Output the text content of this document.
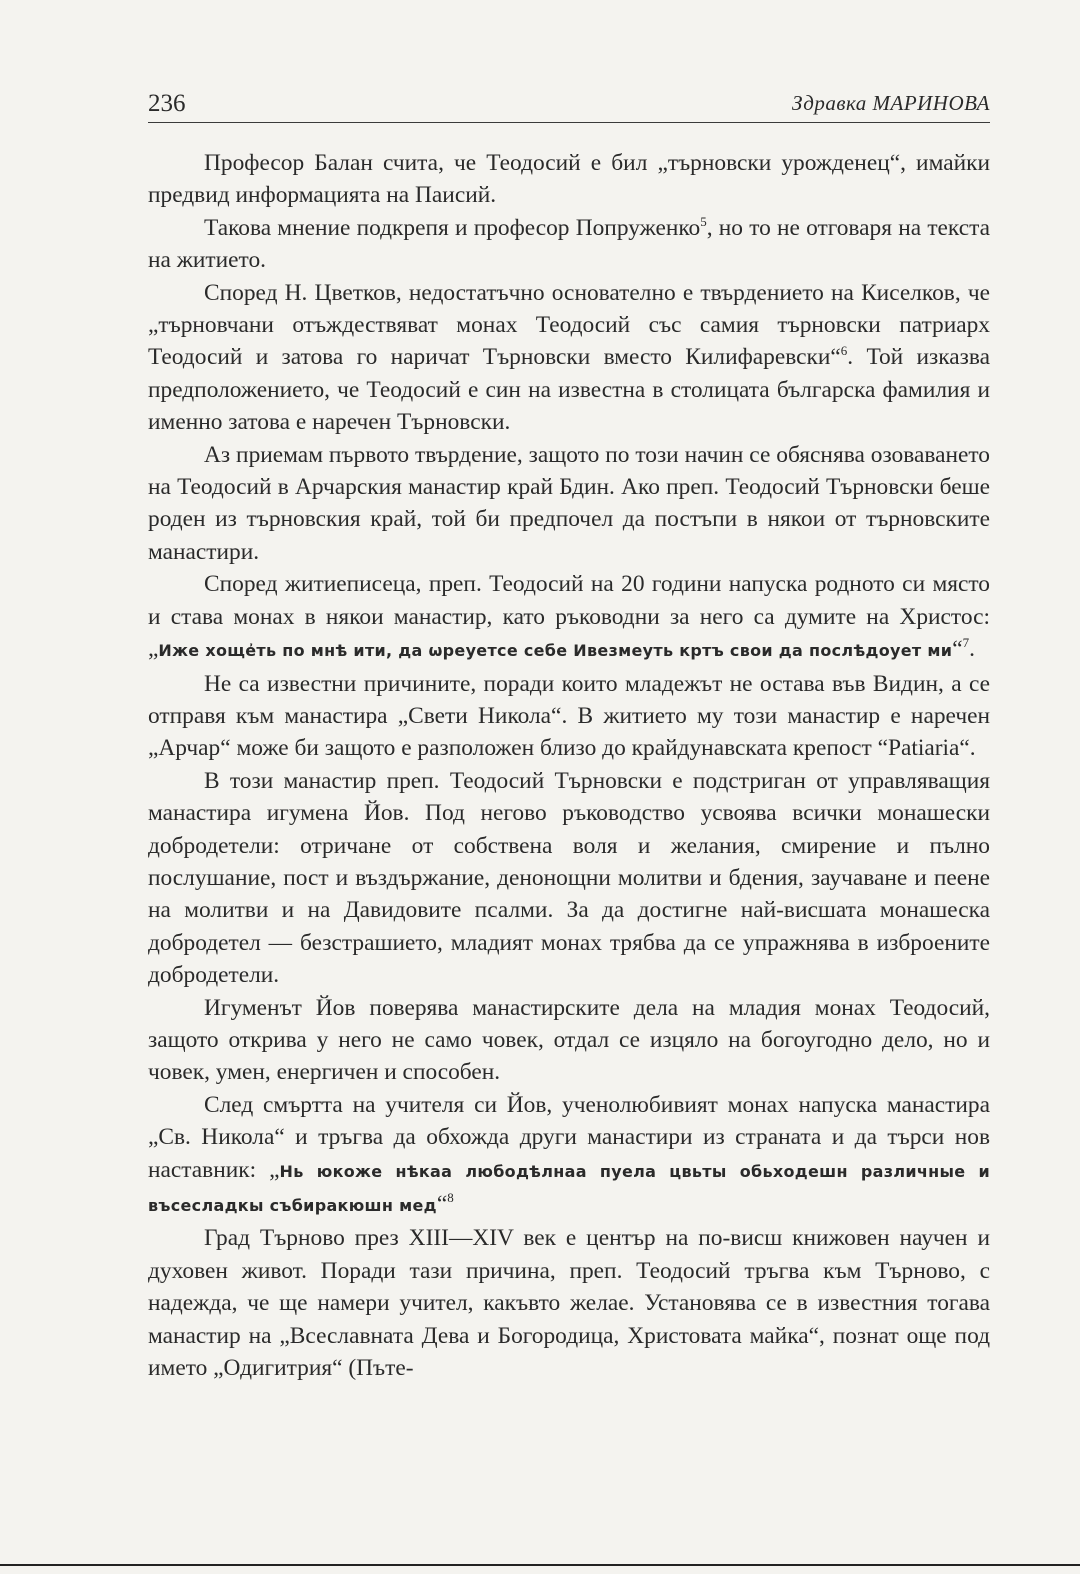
236	Здравка МАРИНОВА

Професор Балан счита, че Теодосий е бил „търновски урожденец“, имайки предвид информацията на Паисий.

Такова мнение подкрепя и професор Попруженко$^5$, но то не отговаря на текста на житието.

Според Н. Цветков, недостатъчно основателно е твърдението на Киселков, че „търновчани отъждествяват монах Теодосий със самия търновски патриарх Теодосий и затова го наричат Търновски вместо Килифаревски“$^6$. Той изказва предположението, че Теодосий е син на известна в столицата българска фамилия и именно затова е наречен Търновски.

Аз приемам първото твърдение, защото по този начин се обяснява озоваването на Теодосий в Арчарския манастир край Бдин. Ако преп. Теодосий Търновски беше роден из търновския край, той би предпочел да постъпи в някои от търновските манастири.

Според житиеписеца, преп. Теодосий на 20 години напуска родното си място и става монах в някои манастир, като ръководни за него са думите на Христос: „Иже хоще҆ть по мнѣ ити, да ѡреуетсе себе Ивезмеуть кртъ свои да послѣдоует ми“$^7$.

Не са известни причините, поради които младежът не остава във Видин, а се отправя към манастира „Свети Никола“. В житието му този манастир е наречен „Арчар“ може би защото е разположен близо до крайдунавската крепост “Patiaria“.

В този манастир преп. Теодосий Търновски е подстриган от управляващия манастира игумена Йов. Под негово ръководство усвоява всички монашески добродетели: отричане от собствена воля и желания, смирение и пълно послушание, пост и въздържание, денонощни молитви и бдения, заучаване и пеене на молитви и на Давидовите псалми. За да достигне най-висшата монашеска добродетел — безстрашието, младият монах трябва да се упражнява в изброените добродетели.

Игуменът Йов поверява манастирските дела на младия монах Теодосий, защото открива у него не само човек, отдал се изцяло на богоугодно дело, но и човек, умен, енергичен и способен.

След смъртта на учителя си Йов, ученолюбивият монах напуска манастира „Св. Никола“ и тръгва да обхожда други манастири из страната и да търси нов наставник: „Нь юкоже нѣкаа любодѣлнаа пуела цвьты обьходешн различные и въсесладкы събиракюшн мед“$^8$

Град Търново през XIII—XIV век е център на по-висш книжовен научен и духовен живот. Поради тази причина, преп. Теодосий тръгва към Търново, с надежда, че ще намери учител, какъвто желае. Установява се в известния тогава манастир на „Всеславната Дева и Богородица, Христовата майка“, познат още под името „Одигитрия“ (Пъте-
